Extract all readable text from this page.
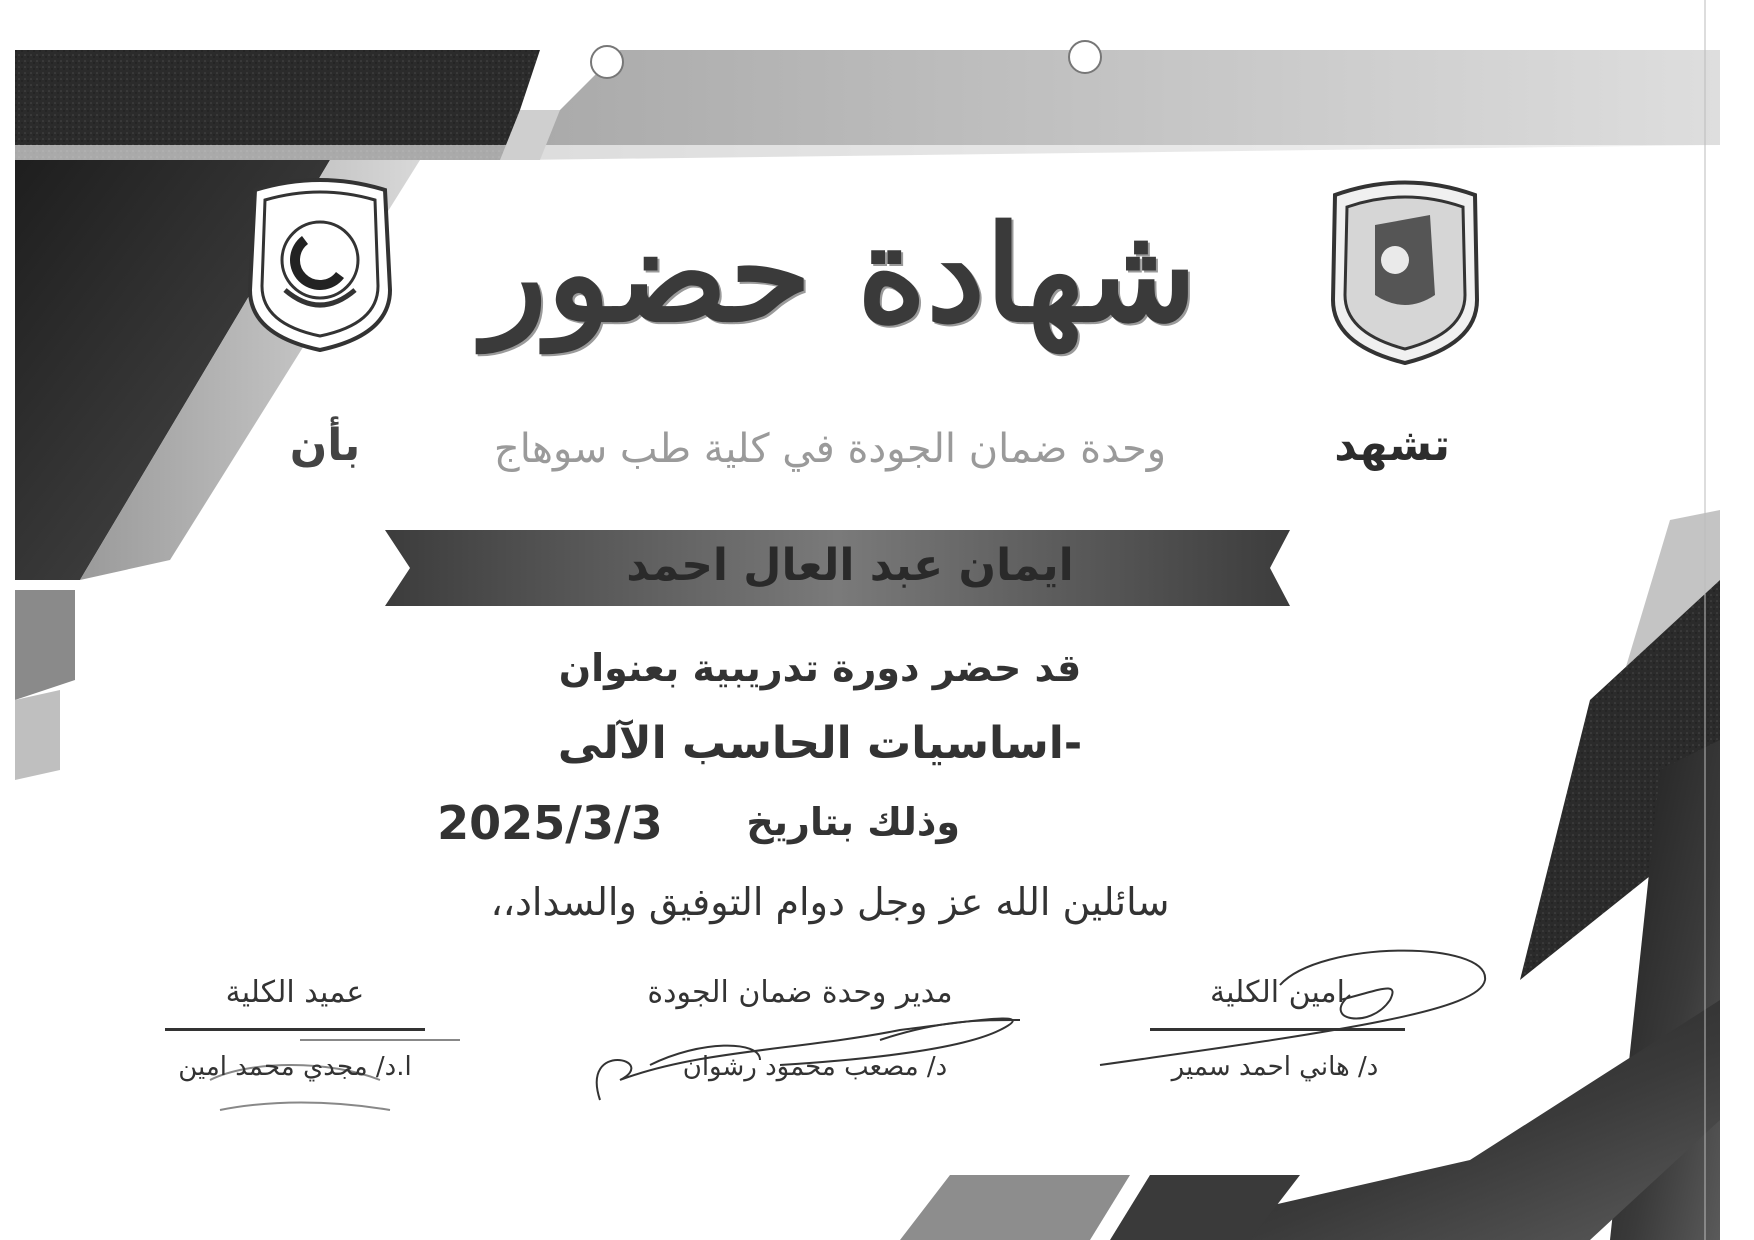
شهادة حضور
تشهد
وحدة ضمان الجودة في كلية طب سوهاج
بأن
ايمان عبد العال احمد
قد حضر دورة تدريبية بعنوان
-اساسيات الحاسب الآلى
وذلك بتاريخ
2025/3/3
سائلين الله عز وجل دوام التوفيق والسداد،،
امين الكلية
د/ هاني احمد سمير
مدير وحدة ضمان الجودة
د/ مصعب محمود رشوان
عميد الكلية
ا.د/ مجدي محمد امين
